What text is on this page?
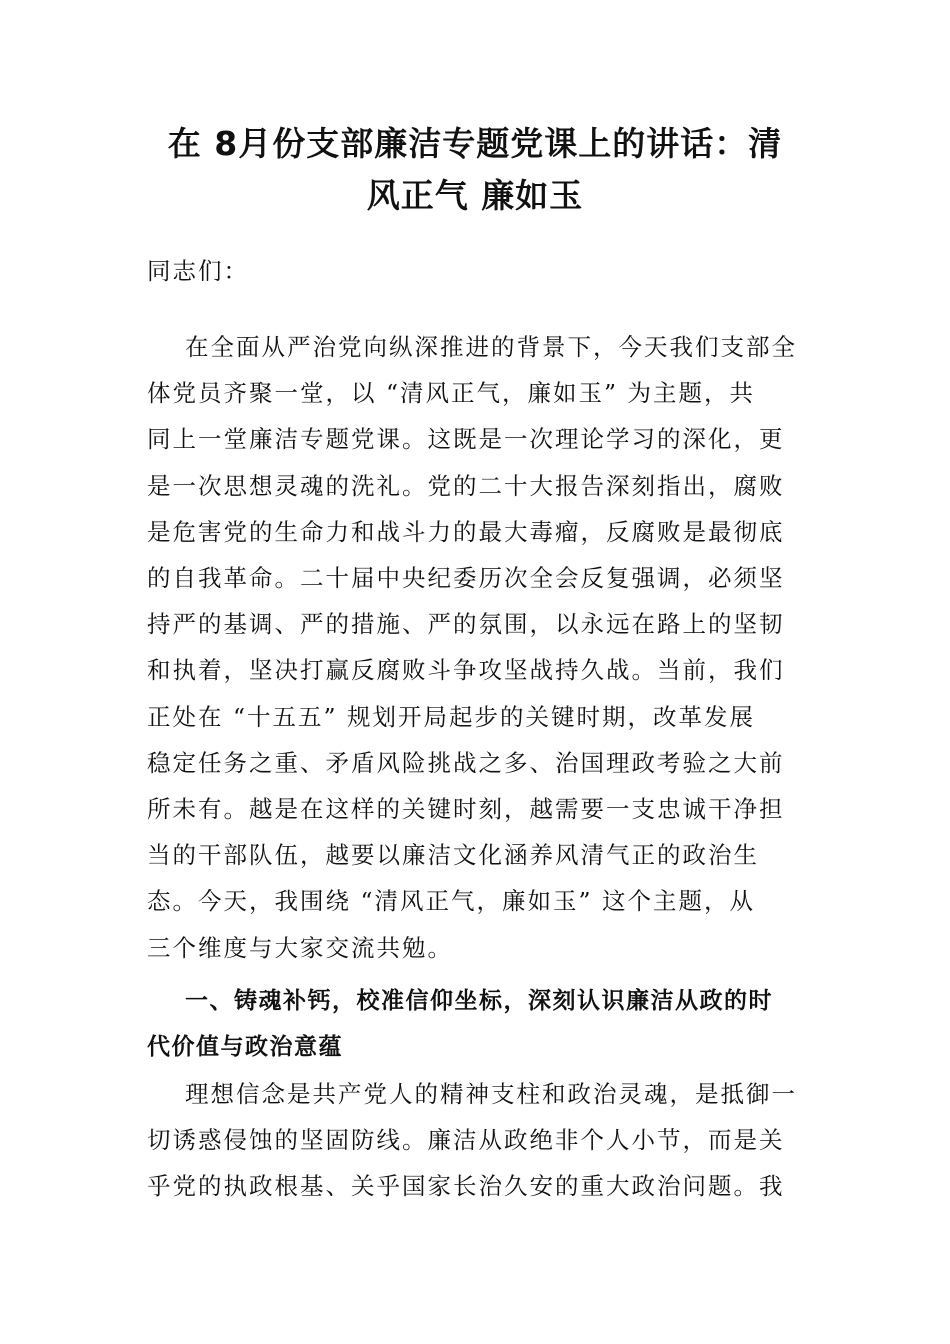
在 8月份支部廉洁专题党课上的讲话：清
风正气 廉如玉
同志们：
在全面从严治党向纵深推进的背景下，今天我们支部全
体党员齐聚一堂，以 “清风正气，廉如玉” 为主题，共
同上一堂廉洁专题党课。这既是一次理论学习的深化，更
是一次思想灵魂的洗礼。党的二十大报告深刻指出，腐败
是危害党的生命力和战斗力的最大毒瘤，反腐败是最彻底
的自我革命。二十届中央纪委历次全会反复强调，必须坚
持严的基调、严的措施、严的氛围，以永远在路上的坚韧
和执着，坚决打赢反腐败斗争攻坚战持久战。当前，我们
正处在 “十五五” 规划开局起步的关键时期，改革发展
稳定任务之重、矛盾风险挑战之多、治国理政考验之大前
所未有。越是在这样的关键时刻，越需要一支忠诚干净担
当的干部队伍，越要以廉洁文化涵养风清气正的政治生
态。今天，我围绕 “清风正气，廉如玉” 这个主题，从
三个维度与大家交流共勉。
一、铸魂补钙，校准信仰坐标，深刻认识廉洁从政的时
代价值与政治意蕴
理想信念是共产党人的精神支柱和政治灵魂，是抵御一
切诱惑侵蚀的坚固防线。廉洁从政绝非个人小节，而是关
乎党的执政根基、关乎国家长治久安的重大政治问题。我
